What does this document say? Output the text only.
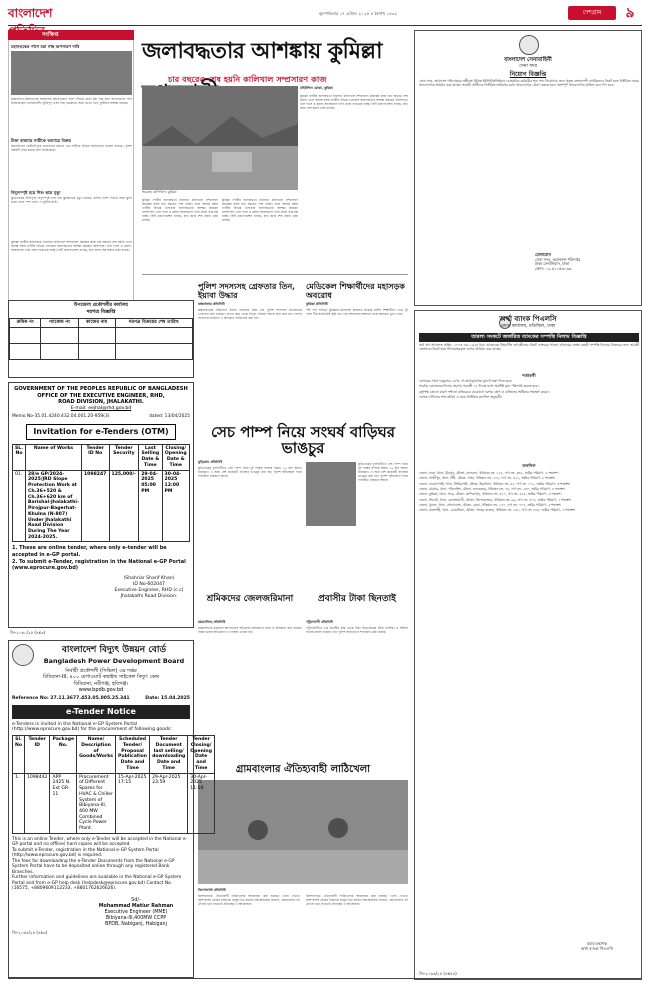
বাংলাদেশ	বৃহস্পতিবার ১৭ এপ্রিল ২০২৫ ৪ বৈশাখ ১৪৩২	দেশগ্রাম	৯
সংক্ষিপ্ত
মহাসড়কের পাশে মরা গাছ অপসারণ দাবি
ময়মনসিংহ-কিশোরগঞ্জ আঞ্চলিক মহাসড়কের পাশে দাঁড়িয়ে থাকা মরা গাছ দ্রুত অপসারণের দাবি জানিয়েছেন এলাকাবাসী। ঝুঁকিপূর্ণ এসব গাছ যেকোনো সময় ভেঙে পড়ে দুর্ঘটনার আশঙ্কা রয়েছে।
টাকা বাজারে নারীকে অন্যায়ে বিক্রয়
ঝিনাইদহের কোটচাঁদপুরে প্রতারণার মাধ্যমে এক নারীকে বিক্রির অভিযোগে মামলা হয়েছে। পুলিশ বিষয়টি তদন্ত করছে বলে জানিয়েছে।
বিদ্যুৎস্পৃষ্ট হয়ে শিশু ছাত্র মৃত্যু
কুড়িগ্রামের উলিপুরে বিদ্যুৎস্পৃষ্ট হয়ে এক স্কুলছাত্রের মৃত্যু হয়েছে। বাড়ির পাশে খেলার সময় ঝুলে থাকা তারে স্পর্শ লেগে এ দুর্ঘটনা ঘটে।
কুমিল্লা নগরীর জলাবদ্ধতা নিরসনে কালিখাল সম্প্রসারণ প্রকল্পের কাজ চার বছরেও শেষ হয়নি। ফলে আসন্ন বর্ষায় নগরীর বিভিন্ন এলাকায় জলাবদ্ধতার আশঙ্কা করছেন বাসিন্দারা। খাল দখল ও ময়লা-আবর্জনায় পানি প্রবাহ বাধাগ্রস্ত হচ্ছে। সিটি করপোরেশন বলছে, দ্রুত কাজ শেষ করার চেষ্টা চলছে।
জলাবদ্ধতার আশঙ্কায় কুমিল্লা
চার বছরেও শেষ হয়নি কালিখাল সম্প্রসারণ কাজ
অবরুদ্ধ কালিখাল। কুমিল্লা
মহিউদ্দিন মোল্লা, কুমিল্লা
কুমিল্লা নগরীর জলাবদ্ধতা নিরসনে কালিখাল সম্প্রসারণ প্রকল্পের কাজ চার বছরেও শেষ হয়নি। ফলে আসন্ন বর্ষায় নগরীর বিভিন্ন এলাকায় জলাবদ্ধতার আশঙ্কা করছেন বাসিন্দারা। খাল দখল ও ময়লা-আবর্জনায় পানি প্রবাহ বাধাগ্রস্ত হচ্ছে। সিটি করপোরেশন বলছে, দ্রুত কাজ শেষ করার চেষ্টা চলছে।
কুমিল্লা নগরীর জলাবদ্ধতা নিরসনে কালিখাল সম্প্রসারণ প্রকল্পের কাজ চার বছরেও শেষ হয়নি। ফলে আসন্ন বর্ষায় নগরীর বিভিন্ন এলাকায় জলাবদ্ধতার আশঙ্কা করছেন বাসিন্দারা। খাল দখল ও ময়লা-আবর্জনায় পানি প্রবাহ বাধাগ্রস্ত হচ্ছে। সিটি করপোরেশন বলছে, দ্রুত কাজ শেষ করার চেষ্টা চলছে।
কুমিল্লা নগরীর জলাবদ্ধতা নিরসনে কালিখাল সম্প্রসারণ প্রকল্পের কাজ চার বছরেও শেষ হয়নি। ফলে আসন্ন বর্ষায় নগরীর বিভিন্ন এলাকায় জলাবদ্ধতার আশঙ্কা করছেন বাসিন্দারা। খাল দখল ও ময়লা-আবর্জনায় পানি প্রবাহ বাধাগ্রস্ত হচ্ছে। সিটি করপোরেশন বলছে, দ্রুত কাজ শেষ করার চেষ্টা চলছে।
উপজেলা প্রকৌশলীর কার্যালয়
দরপত্র বিজ্ঞপ্তি
ক্রমিক নং	প্যাকেজ নং	কাজের নাম	দরপত্র বিক্রয়ের শেষ তারিখ

পুলিশ সদস্যসহ গ্রেফতার তিন, ইয়াবা উদ্ধার
কক্সবাজার প্রতিনিধি
কক্সবাজারের টেকনাফে ইয়াবা পাচারের সময় এক পুলিশ সদস্যসহ তিনজনকে গ্রেফতার করা হয়েছে। তাদের কাছ থেকে বিপুল পরিমাণ ইয়াবা জব্দ করা হয়। গোপন সংবাদের ভিত্তিতে এ অভিযান পরিচালনা করা হয়।
মেডিকেল শিক্ষার্থীদের মহাসড়ক অবরোধ
কুমিল্লা প্রতিনিধি
পাঁচ দফা দাবিতে কুমিল্লায় মহাসড়ক অবরোধ করেছে ম্যাটস শিক্ষার্থীরা। এতে দুই পাশে দীর্ঘ যানজটের সৃষ্টি হয়। পরে প্রশাসনের আশ্বাসে তারা অবরোধ তুলে নেয়।
GOVERNMENT OF THE PEOPLES REPUBLIC OF BANGLADESH
OFFICE OF THE EXECUTIVE ENGINEER, RHD,
ROAD DIVISION, JHALAKATHI.
E-mail: eejhal@rhd.gov.bd
Memo No-35.01.4240.432.04.001.20-959(3)	dated: 13/04/2025
Invitation for e-Tenders (OTM)
SL. No	Name of Works	Tender ID No	Tender Security	Last Selling Date & Time	Closing/ Opening Date & Time
01.	28/e GP/2024-2025/JRD Slope Protection Work at Ch.36+520 & Ch.36+620 km of Barishal-Jhalakathi-Pirojpur-Bagerhat-Khulna (N-807) Under Jhalakathi Road Division During The Year 2024-2025.	1098247	125,000/-	29-04-2025 05:00 PM	30-04-2025 12:00 PM
1. These are online tender, where only e-tender will be accepted in e-GP portal.
2. To submit e-Tender, registration in the National e-GP Portal (www.eprocure.gov.bd)
(Shahriar Sharif Khan)
ID No-602047
Executive Engineer, RHD (c.c)
Jhalakathi Road Division.
জি-২০৬০/২৫ (৪x৩)
সেচ পাম্প নিয়ে সংঘর্ষ বাড়িঘর ভাঙচুর
কুড়িগ্রাম প্রতিনিধি
কুড়িগ্রামের ফুলবাড়ীতে সেচ পাম্প নিয়ে দুই পক্ষের সংঘর্ষে অন্তত ১০ জন আহত হয়েছেন। এ সময় বেশ কয়েকটি বাড়িঘর ভাঙচুর করা হয়। পুলিশ ঘটনাস্থলে গিয়ে পরিস্থিতি নিয়ন্ত্রণে আনে।
কুড়িগ্রামের ফুলবাড়ীতে সেচ পাম্প নিয়ে দুই পক্ষের সংঘর্ষে অন্তত ১০ জন আহত হয়েছেন। এ সময় বেশ কয়েকটি বাড়িঘর ভাঙচুর করা হয়। পুলিশ ঘটনাস্থলে গিয়ে পরিস্থিতি নিয়ন্ত্রণে আনে।
শ্রমিকদের জেলজরিমানা
ময়মনসিংহ প্রতিনিধি
ময়মনসিংহে ভ্রাম্যমাণ আদালতের অভিযানে শ্রমিকদের জেল ও জরিমানা করা হয়েছে। নিয়ম ভঙ্গের অভিযোগে এ ব্যবস্থা নেওয়া হয়।
প্রবাসীর টাকা ছিনতাই
পটুয়াখালী প্রতিনিধি
পটুয়াখালীতে এক প্রবাসীর কাছ থেকে টাকা ছিনতাইয়ের ঘটনা ঘটেছে। এ ঘটনায় থানায় মামলা হয়েছে এবং পুলিশ জড়িতদের শনাক্তের চেষ্টা করছে।
গ্রামবাংলার ঐতিহ্যবাহী লাঠিখেলা
কিশোরগঞ্জ প্রতিনিধি
কিশোরগঞ্জে ঐতিহ্যবাহী লাঠিখেলার আয়োজন করা হয়েছে। খেলা দেখতে আশপাশের গ্রামের হাজারো মানুষ ভিড় করেন। আয়োজকরা জানান, গ্রামবাংলার এই ঐতিহ্য ধরে রাখতেই প্রতিবছর এ আয়োজন।
কিশোরগঞ্জে ঐতিহ্যবাহী লাঠিখেলার আয়োজন করা হয়েছে। খেলা দেখতে আশপাশের গ্রামের হাজারো মানুষ ভিড় করেন। আয়োজকরা জানান, গ্রামবাংলার এই ঐতিহ্য ধরে রাখতেই প্রতিবছর এ আয়োজন।
বাংলাদেশ বিদ্যুৎ উন্নয়ন বোর্ড
Bangladesh Power Development Board
নির্বাহী প্রকৌশলী (সিভিল) এর দপ্তর
বিবিয়ানা-III, ৪০০ মেগাওয়াট কম্বাইন্ড সাইকেল বিদ্যুৎ কেন্দ্র
বিবিয়ানা, নবীগঞ্জ, হবিগঞ্জ।
www.bpdb.gov.bd
Reference No: 27.11.3677.453.05.005.25.341	Date: 15.04.2025
e-Tender Notice
e-Tenders is invited in the National e-GP System Portal (http://www.eprocure.gov.bd) for the procurement of following goods:
Sl. No	Tender ID	Package No.	Name/ Description of Goods/Works	Scheduled Tender/ Proposal Publication Date and Time	Tender Document last selling/ downloading Date and Time	Tender Closing/ Opening Date and Time
1.	1098442	APP 2425 N. Ext GR-11	Procurement of Different Spares for HVAC & Chiller System of Bibiyana-III, 400 MW Combined Cycle Power Plant.	15-Apr-2025 17:15	29-Apr-2025 23:59	30-Apr-2025 11:00
This is an online Tender, where only e-Tender will be accepted in the National e-GP portal and no offline/ hard copies will be accepted.
To submit e-Tender, registration in the National e-GP System Portal (http://www.eprocure.gov.bd) is required.
The fees for downloading the e-Tender Documents from the National e-GP System Portal have to be deposited online through any registered Bank Branches.
Further information and guidelines are available in the National e-GP System Portal and from e-GP help desk (helpdesk@eprocure.gov.bd) Contact No. (16575, +8809609112233, +8801762626626).
Sd/-
Mohammad Matiur Rahman
Executive Engineer (MME)
Bibiyana-III,400MW CCPP
BPDB, Nabiganj, Habiganj
জি-২০৬৪/২৫ (৪x৩)
বাংলাদেশ সেনাবাহিনী
সেনা সদর
নিয়োগ বিজ্ঞপ্তি
সেনা সদর, অর্ডন্যান্স পরিদপ্তরের অধীনস্থ বিভিন্ন ইউনিট/প্রতিষ্ঠানে বেসামরিক কর্মচারীর শূন্য পদে নিয়োগের জন্য প্রকৃত বাংলাদেশী নাগরিকদের নিকট হতে নির্ধারিত ফরমে আবেদনপত্র আহ্বান করা যাচ্ছে। আগ্রহী প্রার্থীদের নির্ধারিত তারিখের মধ্যে আবেদনপত্র প্রেরণ করতে হবে। অসম্পূর্ণ আবেদনপত্র বাতিল বলে গণ্য হবে।
যোগাযোগ
সেনা সদর, অর্ডন্যান্স পরিদপ্তর
ঢাকা সেনানিবাস, ঢাকা
ফোন: ০২-৪১০৫৩০৩৩
অর্থা ব্যাংক পিএলসি
প্রধান কার্যালয়, মতিঝিল, ঢাকা
তারল্য সংকটে জর্জরিত ব্যাংকের সম্পত্তি নিলাম বিজ্ঞপ্তি
অর্থ ঋণ আদালত আইন, ২০০৩ এর ১২(৩) ধারা মোতাবেক নিম্নবর্ণিত ঋণগ্রহীতার নিকট ব্যাংকের পাওনা আদায়ের লক্ষ্যে বন্ধকী সম্পত্তি নিলামে বিক্রয়ের জন্য আগ্রহী ক্রেতাদের নিকট হতে সিলমোহরকৃত দরপত্র আহ্বান করা যাচ্ছে।
শর্তাবলী

দরপত্রের সাথে দরমূল্যের ২৫% পে-অর্ডার/ব্যাংক ড্রাফট জমা দিতে হবে।

সর্বোচ্চ দরদাতাকে নিলাম গ্রহণের পরবর্তী ১৫ দিনের মধ্যে অবশিষ্ট মূল্য পরিশোধ করতে হবে।

কর্তৃপক্ষ কোনো কারণ দর্শানো ব্যতিরেকে যেকোনো দরপত্র গ্রহণ বা বাতিলের অধিকার সংরক্ষণ করেন।

দরপত্র দাখিলের শেষ তারিখ ও সময় নির্ধারিত তফসিল অনুযায়ী।

তফসিল

জেলা- ঢাকা, থানা- মিরপুর, মৌজা- কাফরুল, খতিয়ান নং- ১২৫, দাগ নং- ৩৪৫, জমির পরিমাণ- ৫ শতাংশ।

জেলা- গাজীপুর, থানা- টঙ্গী, মৌজা- গাছা, খতিয়ান নং- ২১৮, দাগ নং- ৬১২, জমির পরিমাণ- ৮ শতাংশ।

জেলা- নারায়ণগঞ্জ, থানা- সিদ্ধিরগঞ্জ, মৌজা- হিরাঝিল, খতিয়ান নং- ৪৫, দাগ নং- ১০২, জমির পরিমাণ- ৩ শতাংশ।

জেলা- চট্টগ্রাম, থানা- পাঁচলাইশ, মৌজা- শুলকবহর, খতিয়ান নং- ৭৮, দাগ নং- ২৩০, জমির পরিমাণ- ৪ শতাংশ।

জেলা- কুমিল্লা, থানা- সদর, মৌজা- কান্দিরপাড়, খতিয়ান নং- ৩১০, দাগ নং- ৫৫৫, জমির পরিমাণ- ৬ শতাংশ।

জেলা- সিলেট, থানা- কোতোয়ালী, মৌজা- জিন্দাবাজার, খতিয়ান নং- ৯৯, দাগ নং- ৪০৪, জমির পরিমাণ- ২ শতাংশ।

জেলা- খুলনা, থানা- সোনাডাঙ্গা, মৌজা- বয়রা, খতিয়ান নং- ১৫০, দাগ নং- ৭৭৭, জমির পরিমাণ- ৫ শতাংশ।

জেলা- রাজশাহী, থানা- বোয়ালিয়া, মৌজা- সাহেব বাজার, খতিয়ান নং- ২৬০, দাগ নং- ৮৮৮, জমির পরিমাণ- ৭ শতাংশ।

মহাব্যবস্থাপক
অর্থা ব্যাংক পিএলসি
জি-২০৬৩/২৫ (৪x৪৪)
